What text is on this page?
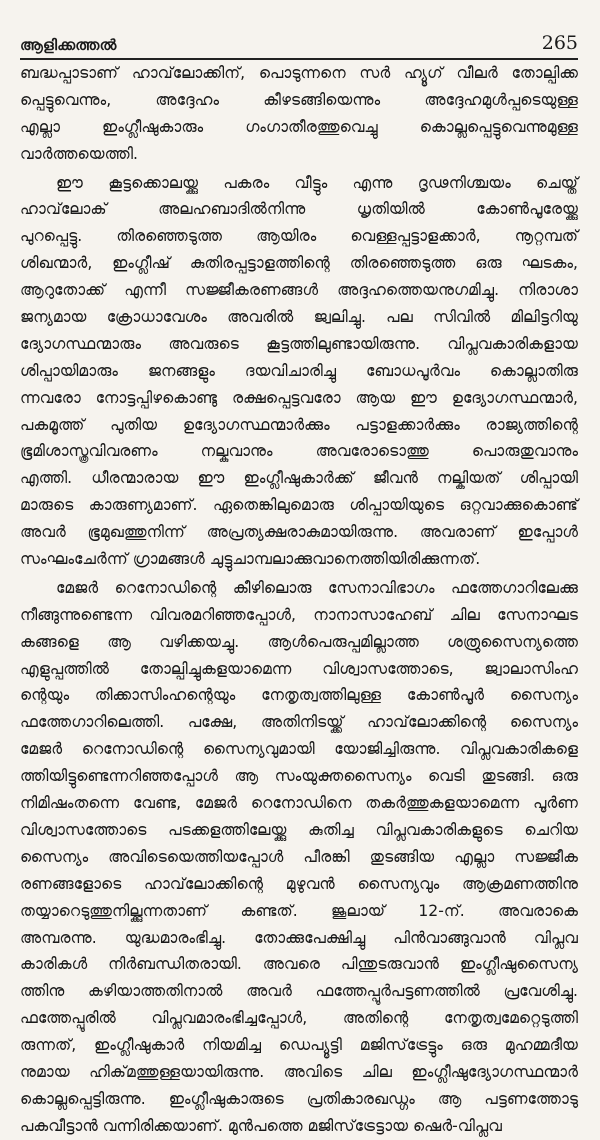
ആളിക്കത്തൽ	265
ബദ്ധപ്പാടാണ് ഹാവ്‌ലോക്കിന്, പൊടുന്നനെ സർ ഹ്യൂഗ് വീലർ തോല്പിക്ക
പ്പെട്ടുവെന്നും, അദ്ദേഹം കീഴടങ്ങിയെന്നും അദ്ദേഹമുൾപ്പടെയുള്ള
എല്ലാ ഇംഗ്ലീഷുകാരും ഗംഗാതീരത്തുവെച്ചു കൊല്ലപ്പെട്ടുവെന്നുമുള്ള
വാർത്തയെത്തി.
ഈ കൂട്ടക്കൊലയ്ക്കു പകരം വീട്ടും എന്നു ദൃഢനിശ്ചയം ചെയ്ത്
ഹാവ്‌ലോക് അലഹബാദിൽനിന്നു ധൃതിയിൽ കോൺപൂരേയ്ക്കു
പുറപ്പെട്ടു. തിരഞ്ഞെടുത്ത ആയിരം വെള്ളപ്പട്ടാളക്കാർ, നൂറ്റമ്പത്
ശിഖന്മാർ, ഇംഗ്ലീഷ് കുതിരപ്പട്ടാളത്തിന്റെ തിരഞ്ഞെടുത്ത ഒരു ഘടകം,
ആറുതോക്ക് എന്നീ സജ്ജീകരണങ്ങൾ അദ്ദഹത്തെയനുഗമിച്ചു. നിരാശാ
ജന്യമായ ക്രോധാവേശം അവരിൽ ജ്വലിച്ചു. പല സിവിൽ മിലിട്ടറിയു
ദ്യോഗസ്ഥന്മാരും അവരുടെ കൂട്ടത്തിലുണ്ടായിരുന്നു. വിപ്ലവകാരികളായ
ശിപ്പായിമാരും ജനങ്ങളും ദയവിചാരിച്ചു ബോധപൂർവം കൊല്ലാതിരു
ന്നവരോ നോട്ടപ്പിഴകൊണ്ടു രക്ഷപ്പെട്ടവരോ ആയ ഈ ഉദ്യോഗസ്ഥന്മാർ,
പകമൂത്ത് പുതിയ ഉദ്യോഗസ്ഥന്മാർക്കും പട്ടാളക്കാർക്കും രാജ്യത്തിന്റെ
ഭൂമിശാസ്ത്രവിവരണം നല്കുവാനും അവരോടൊത്തു പൊരുതുവാനും
എത്തി. ധീരന്മാരായ ഈ ഇംഗ്ലീഷുകാർക്ക് ജീവൻ നല്കിയത് ശിപ്പായി
മാരുടെ കാരുണ്യമാണ്. ഏതെങ്കിലുമൊരു ശിപ്പായിയുടെ ഒറ്റവാക്കുകൊണ്ട്
അവർ ഭൂമുഖത്തുനിന്ന് അപ്രത്യക്ഷരാകുമായിരുന്നു. അവരാണ് ഇപ്പോൾ
സംഘംചേർന്ന് ഗ്രാമങ്ങൾ ചുട്ടുചാമ്പലാക്കുവാനെത്തിയിരിക്കുന്നത്.
മേജർ റെനോഡിന്റെ കീഴിലൊരു സേനാവിഭാഗം ഫത്തേഗാറിലേക്കു
നീങ്ങുന്നുണ്ടെന്ന വിവരമറിഞ്ഞപ്പോൾ, നാനാസാഹേബ് ചില സേനാഘട
കങ്ങളെ ആ വഴിക്കയച്ചു. ആൾപെരുപ്പമില്ലാത്ത ശത്രുസൈന്യത്തെ
എളുപ്പത്തിൽ തോല്പിച്ചുകളയാമെന്ന വിശ്വാസത്തോടെ, ജ്വാലാസിംഹ
ന്റെയും തിക്കാസിംഹന്റെയും നേതൃത്വത്തിലുള്ള കോൺപൂർ സൈന്യം
ഫത്തേഗാറിലെത്തി. പക്ഷേ, അതിനിടയ്ക്ക് ഹാവ്‌ലോക്കിന്റെ സൈന്യം
മേജർ റെനോഡിന്റെ സൈന്യവുമായി യോജിച്ചിരുന്നു. വിപ്ലവകാരികളെ
ത്തിയിട്ടുണ്ടെന്നറിഞ്ഞപ്പോൾ ആ സംയുക്തസൈന്യം വെടി തുടങ്ങി. ഒരു
നിമിഷംതന്നെ വേണ്ട, മേജർ റെനോഡിനെ തകർത്തുകളയാമെന്ന പൂർണ
വിശ്വാസത്തോടെ പടക്കളത്തിലേയ്ക്കു കുതിച്ച വിപ്ലവകാരികളുടെ ചെറിയ
സൈന്യം അവിടെയെത്തിയപ്പോൾ പീരങ്കി തുടങ്ങിയ എല്ലാ സജ്ജീക
രണങ്ങളോടെ ഹാവ്‌ലോക്കിന്റെ മുഴുവൻ സൈന്യവും ആക്രമണത്തിനു
തയ്യാറെടുത്തുനില്ക്കുന്നതാണ് കണ്ടത്. ജൂലായ് 12-ന്. അവരാകെ
അമ്പരന്നു. യുദ്ധമാരംഭിച്ചു. തോക്കുപേക്ഷിച്ചു പിൻവാങ്ങുവാൻ വിപ്ലവ
കാരികൾ നിർബന്ധിതരായി. അവരെ പിന്തുടരുവാൻ ഇംഗ്ലീഷുസൈന്യ
ത്തിനു കഴിയാത്തതിനാൽ അവർ ഫത്തേപ്പൂർപട്ടണത്തിൽ പ്രവേശിച്ചു.
ഫത്തേപ്പൂരിൽ വിപ്ലവമാരംഭിച്ചപ്പോൾ, അതിന്റെ നേതൃത്വമേറ്റെടുത്തി
രുന്നത്, ഇംഗ്ലീഷുകാർ നിയമിച്ച ഡെപ്യൂട്ടി മജിസ്‌ട്രേട്ടും ഒരു മുഹമ്മദീയ
നുമായ ഹിക്‌മത്തുള്ളയായിരുന്നു. അവിടെ ചില ഇംഗ്ലീഷുദ്യോഗസ്ഥന്മാർ
കൊല്ലപ്പെട്ടിരുന്നു. ഇംഗ്ലീഷുകാരുടെ പ്രതികാരഖഡ്ഗം ആ പട്ടണത്തോടു
പകവീട്ടാൻ വന്നിരിക്കയാണ്. മുൻപത്തെ മജിസ്‌ട്രേട്ടായ ഷെർ-വിപ്ലവ
